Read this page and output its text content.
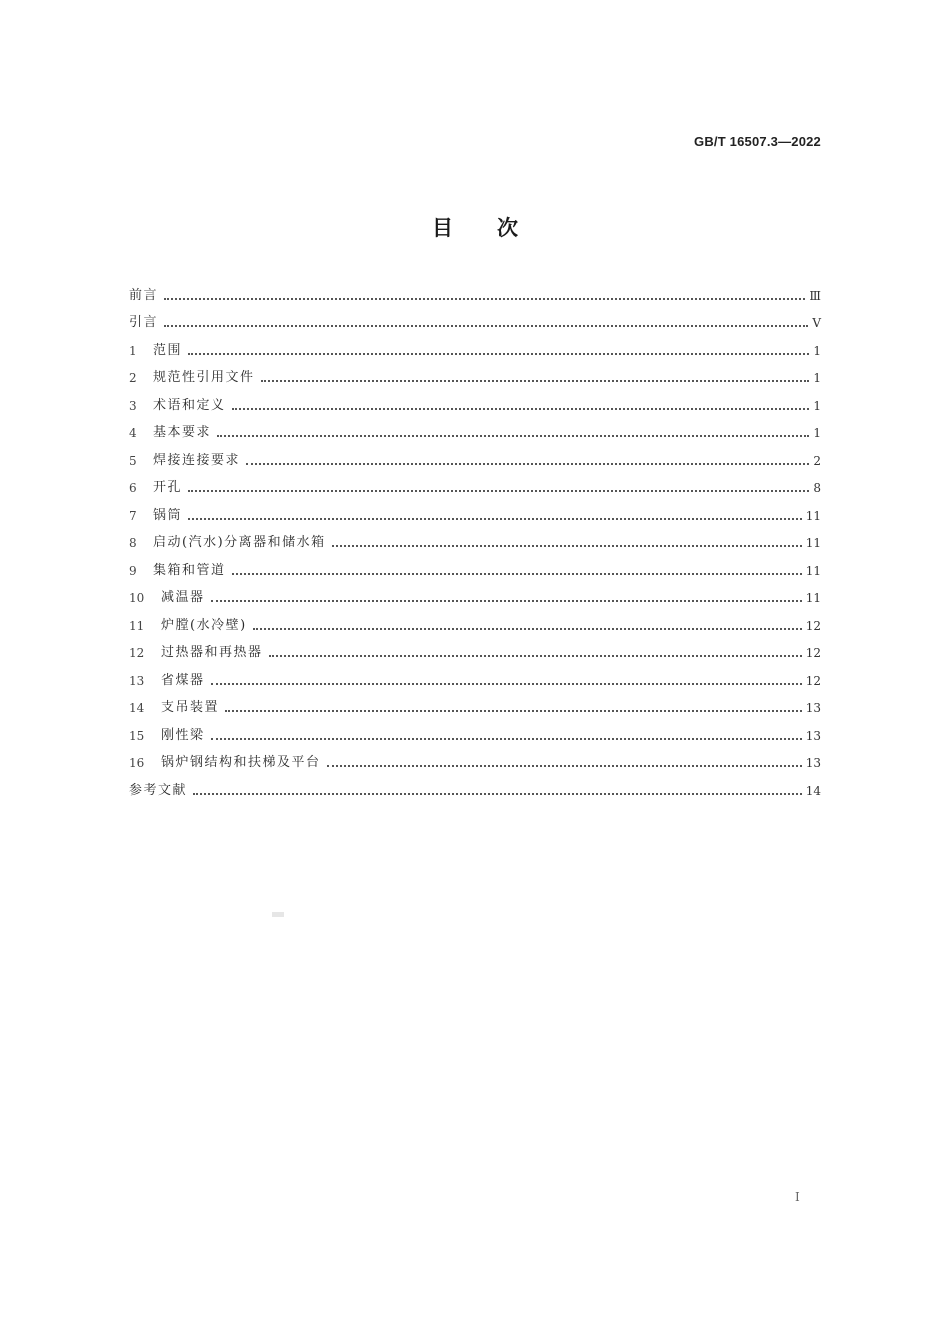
GB/T 16507.3—2022
目次
前言	Ⅲ
引言	Ⅴ
1	范围	1
2	规范性引用文件	1
3	术语和定义	1
4	基本要求	1
5	焊接连接要求	2
6	开孔	8
7	锅筒	11
8	启动(汽水)分离器和储水箱	11
9	集箱和管道	11
10	减温器	11
11	炉膛(水冷壁)	12
12	过热器和再热器	12
13	省煤器	12
14	支吊装置	13
15	刚性梁	13
16	锅炉钢结构和扶梯及平台	13
参考文献	14
Ⅰ
